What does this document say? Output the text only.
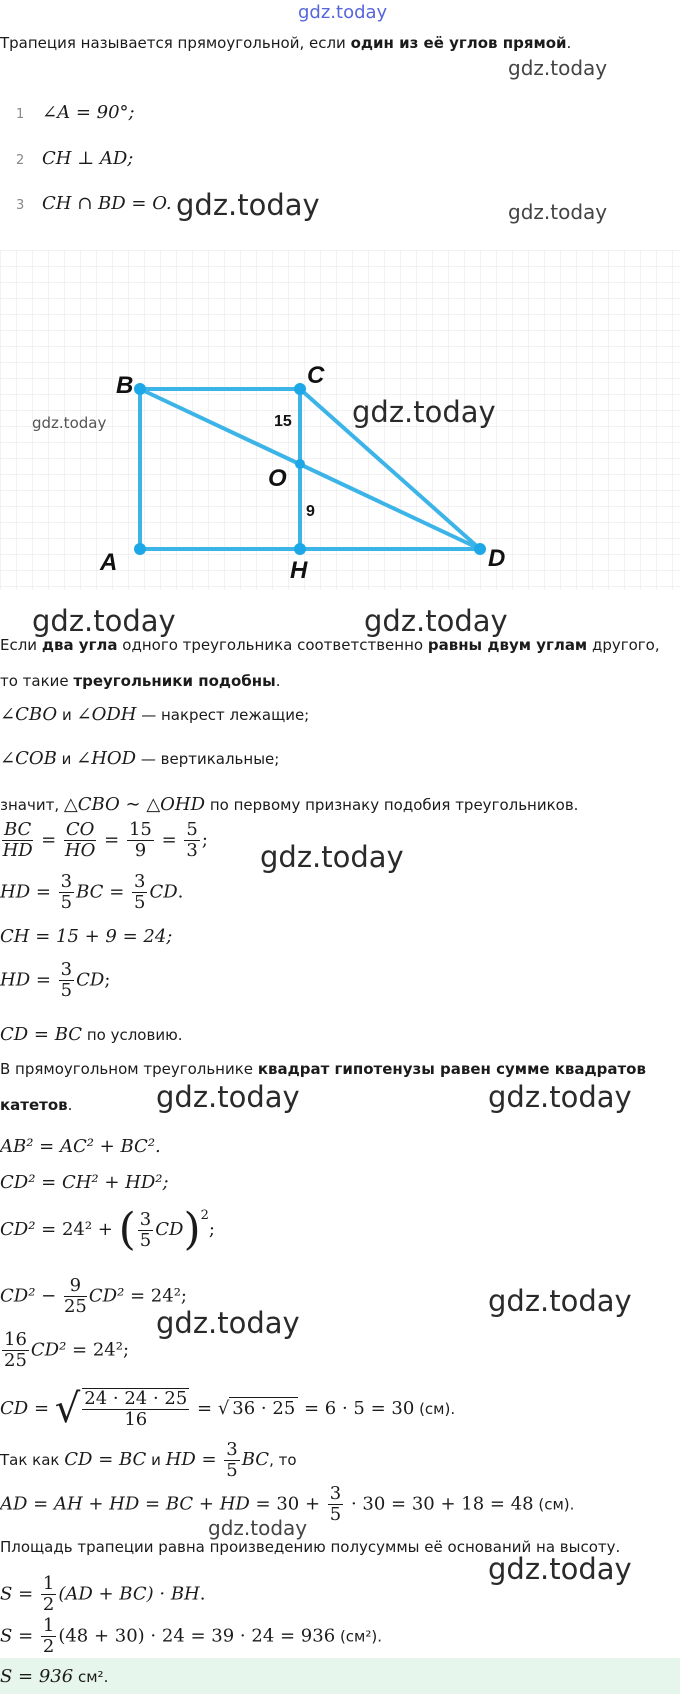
gdz.today
Трапеция называется прямоугольной, если один из её углов прямой.
gdz.today
1 ∠A = 90°;
2 CH ⊥ AD;
3 CH ∩ BD = O. gdz.today	gdz.today
B	C
A	H	D
O
15
9
gdz.today	gdz.today
gdz.today	gdz.today
Если два угла одного треугольника соответственно равны двум углам другого,
то такие треугольники подобны.
∠CBO и ∠ODH — накрест лежащие;
∠COB и ∠HOD — вертикальные;
значит, △CBO ∼ △OHD по первому признаку подобия треугольников.
$\frac{BC}{HD} = \frac{CO}{HO} = \frac{15}{9} = \frac{5}{3}$ ;
gdz.today
HD = $\frac{3}{5}$ BC = $\frac{3}{5}$ CD.
CH = 15 + 9 = 24;
HD = $\frac{3}{5}$ CD;
CD = BC по условию.
В прямоугольном треугольнике квадрат гипотенузы равен сумме квадратов
катетов.	gdz.today	gdz.today
AB² = AC² + BC².
CD² = CH² + HD²;
CD² = 24² + ( $\frac{3}{5} CD)^2$;
$CD^2 - \frac{9}{25} CD^2 = 24^2$;	gdz.today
$\frac{16}{25} CD^2 = 24^2$;
gdz.today
CD = √ $\frac{24 \cdot 24 \cdot 25}{16}$ = √ 36 · 25 = 6 · 5 = 30 (см).
Так как CD = BC и HD = $\frac{3}{5}$ BC, то
AD = AH + HD = BC + HD = $30 + \frac{3}{5} \cdot 30 = 30 + 18 = 48$ (см).
gdz.today
Площадь трапеции равна произведению полусуммы её оснований на высоту.
gdz.today
$S = \frac{1}{2} (AD + BC)$ · BH.
$S = \frac{1}{2} (48 + 30) \cdot 24 = 39 \cdot 24 = 936$ (см²).
S = 936 см².
